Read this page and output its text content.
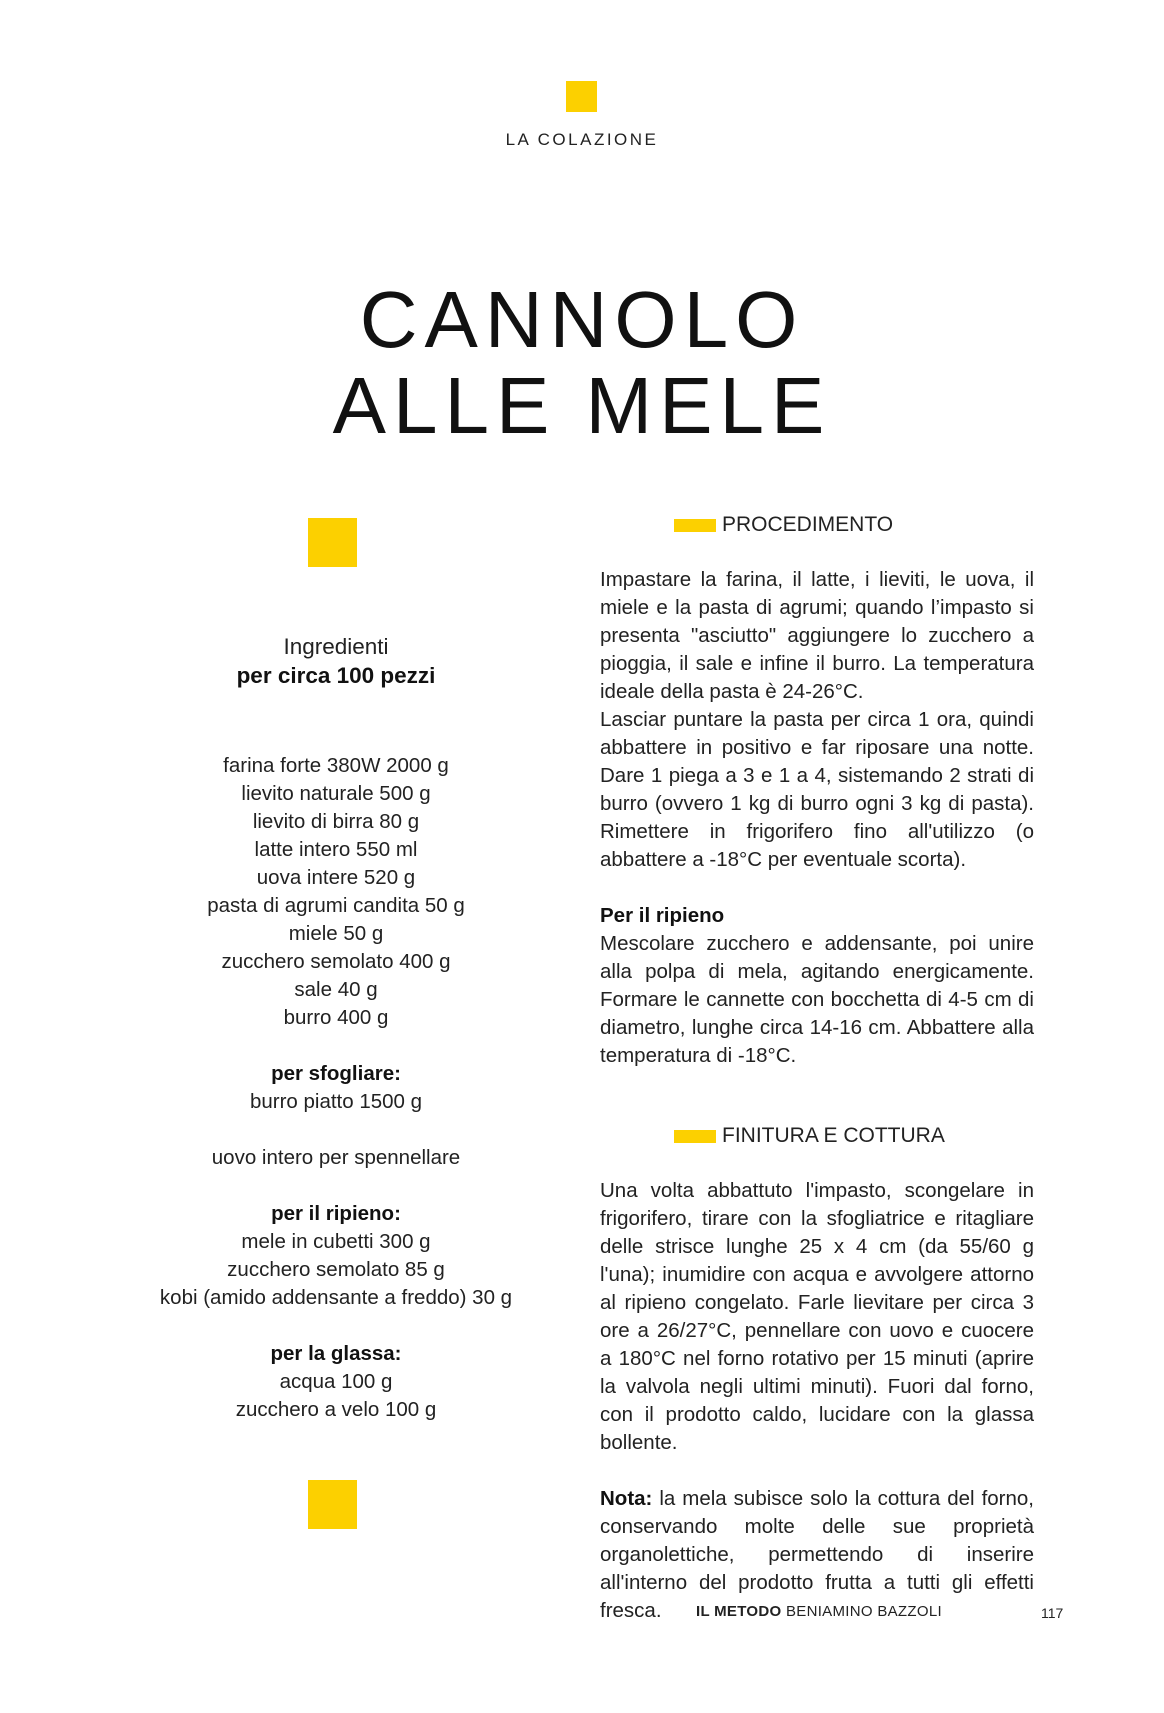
LA COLAZIONE
CANNOLO
ALLE MELE
Ingredienti
per circa 100 pezzi
farina forte 380W 2000 g
lievito naturale 500 g
lievito di birra 80 g
latte intero 550 ml
uova intere 520 g
pasta di agrumi candita 50 g
miele 50 g
zucchero semolato 400 g
sale 40 g
burro 400 g
per sfogliare:
burro piatto 1500 g
uovo intero per spennellare
per il ripieno:
mele in cubetti 300 g
zucchero semolato 85 g
kobi (amido addensante a freddo) 30 g
per la glassa:
acqua 100 g
zucchero a velo 100 g
PROCEDIMENTO

Impastare la farina, il latte, i lieviti, le uova, il miele e la pasta di agrumi; quando l’impasto si presenta "asciutto" aggiungere lo zucchero a pioggia, il sale e infine il burro. La temperatura ideale della pasta è 24-26°C.

Lasciar puntare la pasta per circa 1 ora, quindi abbattere in positivo e far riposare una notte. Dare 1 piega a 3 e 1 a 4, sistemando 2 strati di burro (ovvero 1 kg di burro ogni 3 kg di pasta). Rimettere in frigorifero fino all'utilizzo (o abbattere a -18°C per eventuale scorta).

Per il ripieno

Mescolare zucchero e addensante, poi unire alla polpa di mela, agitando energicamente. Formare le cannette con bocchetta di 4-5 cm di diametro, lunghe circa 14-16 cm. Abbattere alla temperatura di -18°C.

FINITURA E COTTURA

Una volta abbattuto l'impasto, scongelare in frigorifero, tirare con la sfogliatrice e ritagliare delle strisce lunghe 25 x 4 cm (da 55/60 g l'una); inumidire con acqua e avvolgere attorno al ripieno congelato. Farle lievitare per circa 3 ore a 26/27°C, pennellare con uovo e cuocere a 180°C nel forno rotativo per 15 minuti (aprire la valvola negli ultimi minuti). Fuori dal forno, con il prodotto caldo, lucidare con la glassa bollente.

Nota: la mela subisce solo la cottura del forno, conservando molte delle sue proprietà organolettiche, permettendo di inserire all'interno del prodotto frutta a tutti gli effetti fresca.	IL METODO BENIAMINO BAZZOLI	117
